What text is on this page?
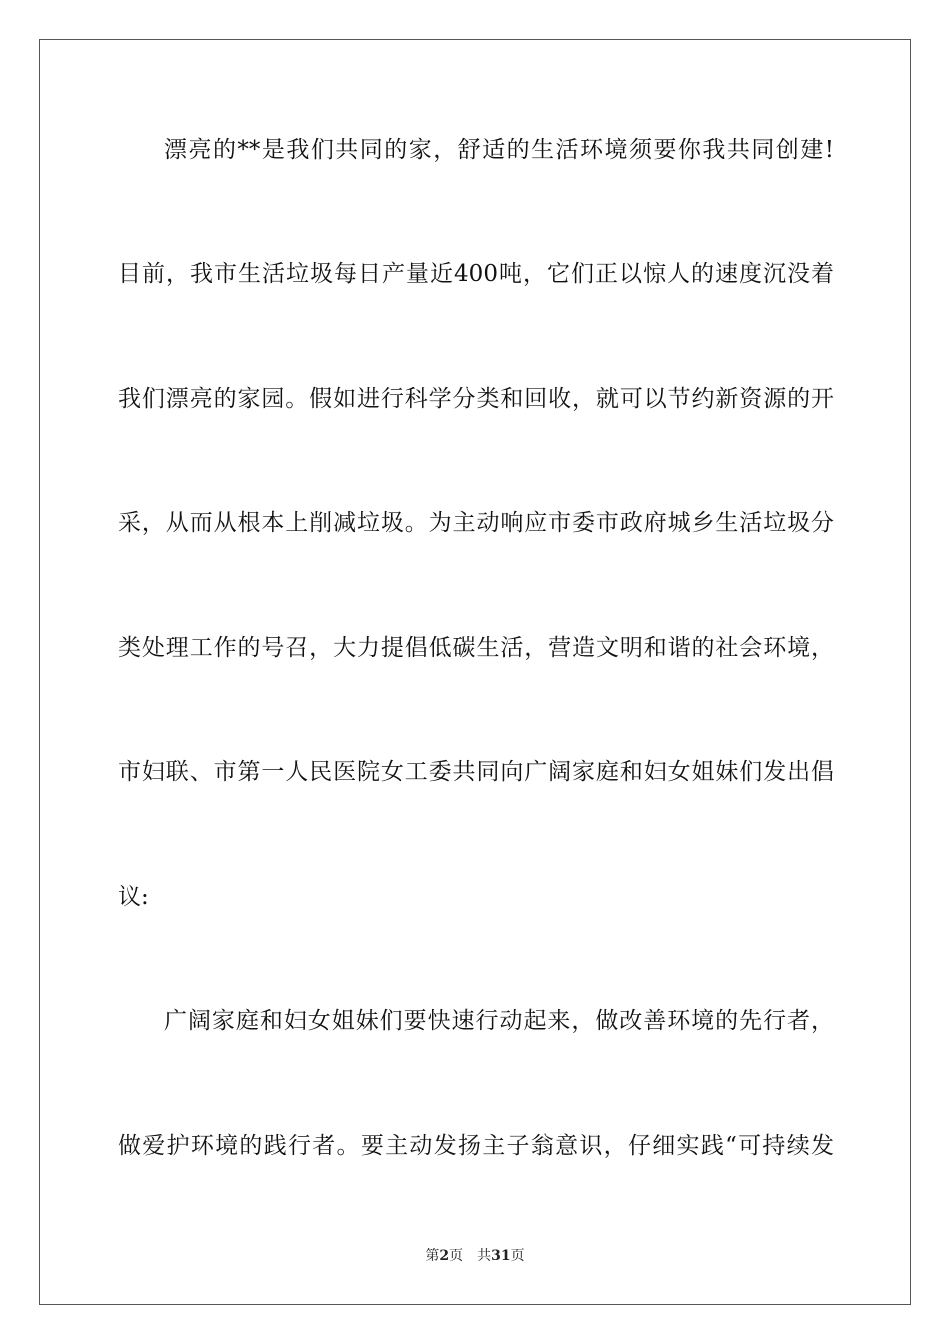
漂亮的**是我们共同的家，舒适的生活环境须要你我共同创建!
目前，我市生活垃圾每日产量近400吨，它们正以惊人的速度沉没着
我们漂亮的家园。假如进行科学分类和回收，就可以节约新资源的开
采，从而从根本上削减垃圾。为主动响应市委市政府城乡生活垃圾分
类处理工作的号召，大力提倡低碳生活，营造文明和谐的社会环境，
市妇联、市第一人民医院女工委共同向广阔家庭和妇女姐妹们发出倡
议:
广阔家庭和妇女姐妹们要快速行动起来，做改善环境的先行者，
做爱护环境的践行者。要主动发扬主子翁意识，仔细实践“可持续发
第2页 共31页
